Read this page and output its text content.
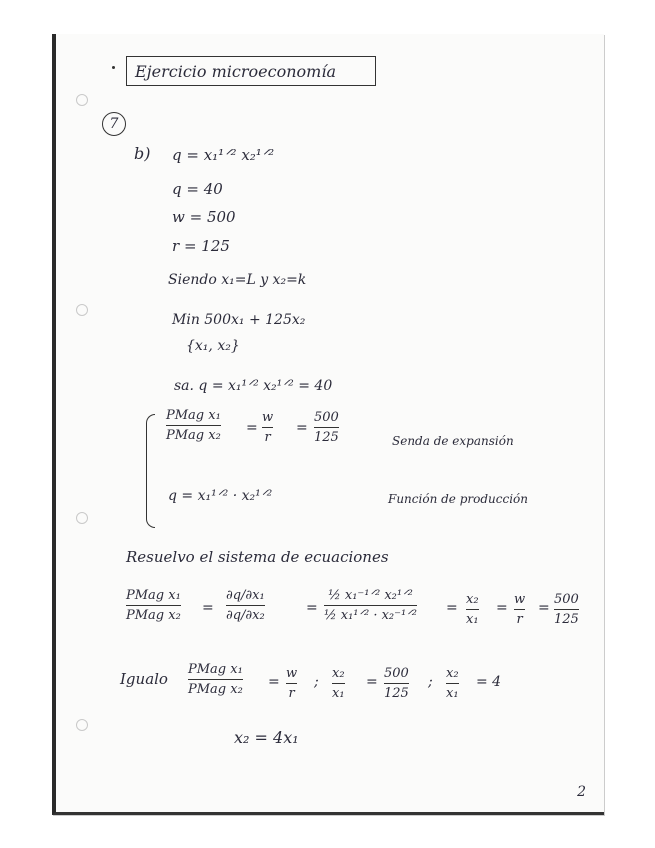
Ejercicio microeconomía
7
b) q = x₁¹ᐟ² x₂¹ᐟ²
q = 40
w = 500
r = 125
Siendo x₁=L y x₂=k
Min 500x₁ + 125x₂
{x₁, x₂}
sa. q = x₁¹ᐟ² x₂¹ᐟ² = 40
PMag x₁
PMag x₂ =
w
r
=
500
125	Senda de expansión
q = x₁¹ᐟ² · x₂¹ᐟ²	Función de producción
Resuelvo el sistema de ecuaciones
PMag x₁
PMag x₂ =
∂q/∂x₁
∂q/∂x₂	=
½ x₁⁻¹ᐟ² x₂¹ᐟ²
½ x₁¹ᐟ² · x₂⁻¹ᐟ² =
x₂
x₁
=
w
r
=
500
125
Igualo
PMag x₁
PMag x₂ =
w
r
;
x₂
x₁
=
500
125
;
x₂
x₁
= 4
x₂ = 4x₁
2
